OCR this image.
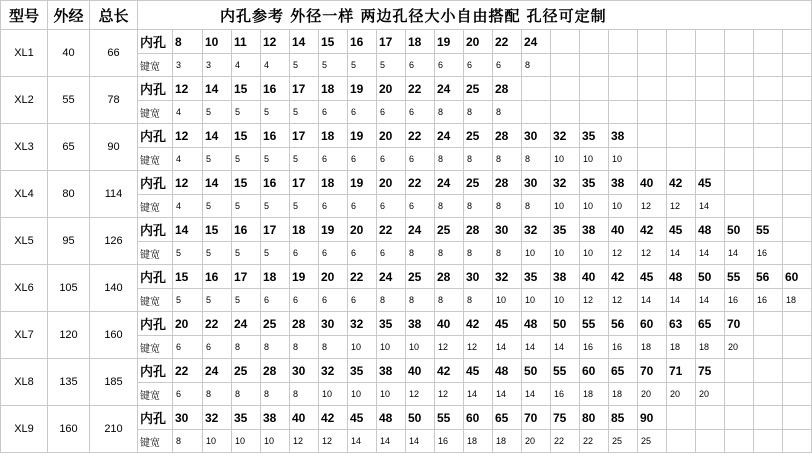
型号	外经	总长	内孔参考 外径一样 两边孔径大小自由搭配 孔径可定制																						
XL1	40	66	内孔	8	10	11	12	14	15	16	17	18	19	20	22	24									
			键宽	3	3	4	4	5	5	5	5	6	6	6	6	8									
XL2	55	78	内孔	12	14	15	16	17	18	19	20	22	24	25	28										
			键宽	4	5	5	5	5	6	6	6	6	8	8	8										
XL3	65	90	内孔	12	14	15	16	17	18	19	20	22	24	25	28	30	32	35	38						
			键宽	4	5	5	5	5	6	6	6	6	8	8	8	8	10	10	10						
XL4	80	114	内孔	12	14	15	16	17	18	19	20	22	24	25	28	30	32	35	38	40	42	45			
			键宽	4	5	5	5	5	6	6	6	6	8	8	8	8	10	10	10	12	12	14			
XL5	95	126	内孔	14	15	16	17	18	19	20	22	24	25	28	30	32	35	38	40	42	45	48	50	55	
			键宽	5	5	5	5	6	6	6	6	8	8	8	8	10	10	10	12	12	14	14	14	16	
XL6	105	140	内孔	15	16	17	18	19	20	22	24	25	28	30	32	35	38	40	42	45	48	50	55	56	60
			键宽	5	5	5	6	6	6	6	8	8	8	8	10	10	10	12	12	14	14	14	16	16	18
XL7	120	160	内孔	20	22	24	25	28	30	32	35	38	40	42	45	48	50	55	56	60	63	65	70		
			键宽	6	6	8	8	8	8	10	10	10	12	12	14	14	14	16	16	18	18	18	20		
XL8	135	185	内孔	22	24	25	28	30	32	35	38	40	42	45	48	50	55	60	65	70	71	75			
			键宽	6	8	8	8	8	10	10	10	12	12	14	14	14	16	18	18	20	20	20			
XL9	160	210	内孔	30	32	35	38	40	42	45	48	50	55	60	65	70	75	80	85	90					
			键宽	8	10	10	10	12	12	14	14	14	16	18	18	20	22	22	25	25					
